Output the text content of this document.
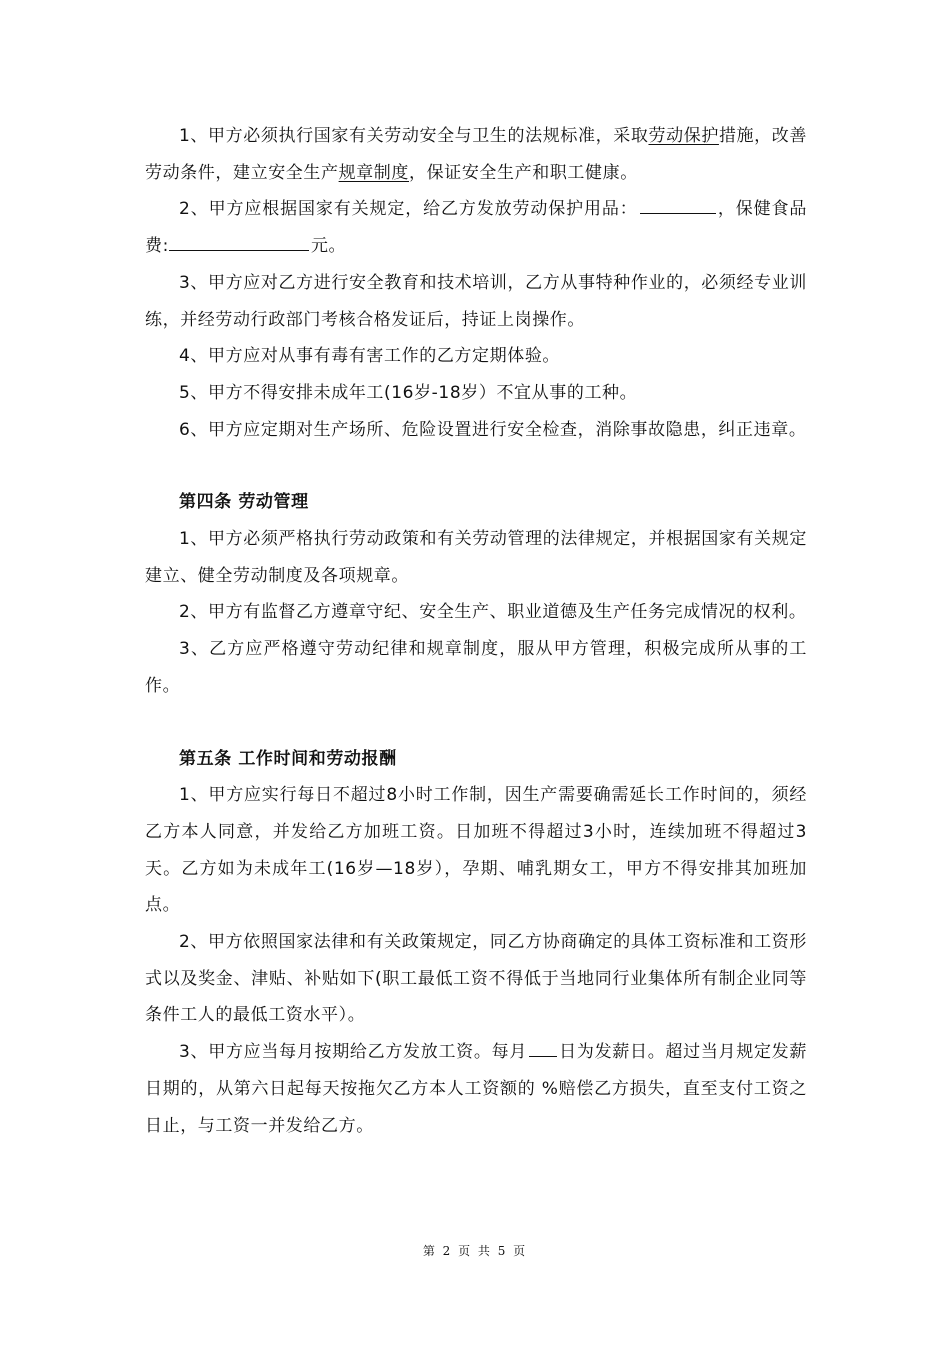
1、甲方必须执行国家有关劳动安全与卫生的法规标准，采取劳动保护措施，改善劳动条件，建立安全生产规章制度，保证安全生产和职工健康。

2、甲方应根据国家有关规定，给乙方发放劳动保护用品：	，保健食品费:	元。

3、甲方应对乙方进行安全教育和技术培训，乙方从事特种作业的，必须经专业训练，并经劳动行政部门考核合格发证后，持证上岗操作。

4、甲方应对从事有毒有害工作的乙方定期体验。

5、甲方不得安排未成年工(16岁-18岁）不宜从事的工种。

6、甲方应定期对生产场所、危险设置进行安全检查，消除事故隐患，纠正违章。

第四条 劳动管理

1、甲方必须严格执行劳动政策和有关劳动管理的法律规定，并根据国家有关规定建立、健全劳动制度及各项规章。

2、甲方有监督乙方遵章守纪、安全生产、职业道德及生产任务完成情况的权利。

3、乙方应严格遵守劳动纪律和规章制度，服从甲方管理，积极完成所从事的工作。

第五条 工作时间和劳动报酬

1、甲方应实行每日不超过8小时工作制，因生产需要确需延长工作时间的，须经乙方本人同意，并发给乙方加班工资。日加班不得超过3小时，连续加班不得超过3天。乙方如为未成年工(16岁—18岁），孕期、哺乳期女工，甲方不得安排其加班加点。

2、甲方依照国家法律和有关政策规定，同乙方协商确定的具体工资标准和工资形式以及奖金、津贴、补贴如下(职工最低工资不得低于当地同行业集体所有制企业同等条件工人的最低工资水平）。

3、甲方应当每月按期给乙方发放工资。每月 日为发薪日。超过当月规定发薪日期的，从第六日起每天按拖欠乙方本人工资额的 %赔偿乙方损失，直至支付工资之日止，与工资一并发给乙方。

第 2 页 共 5 页
